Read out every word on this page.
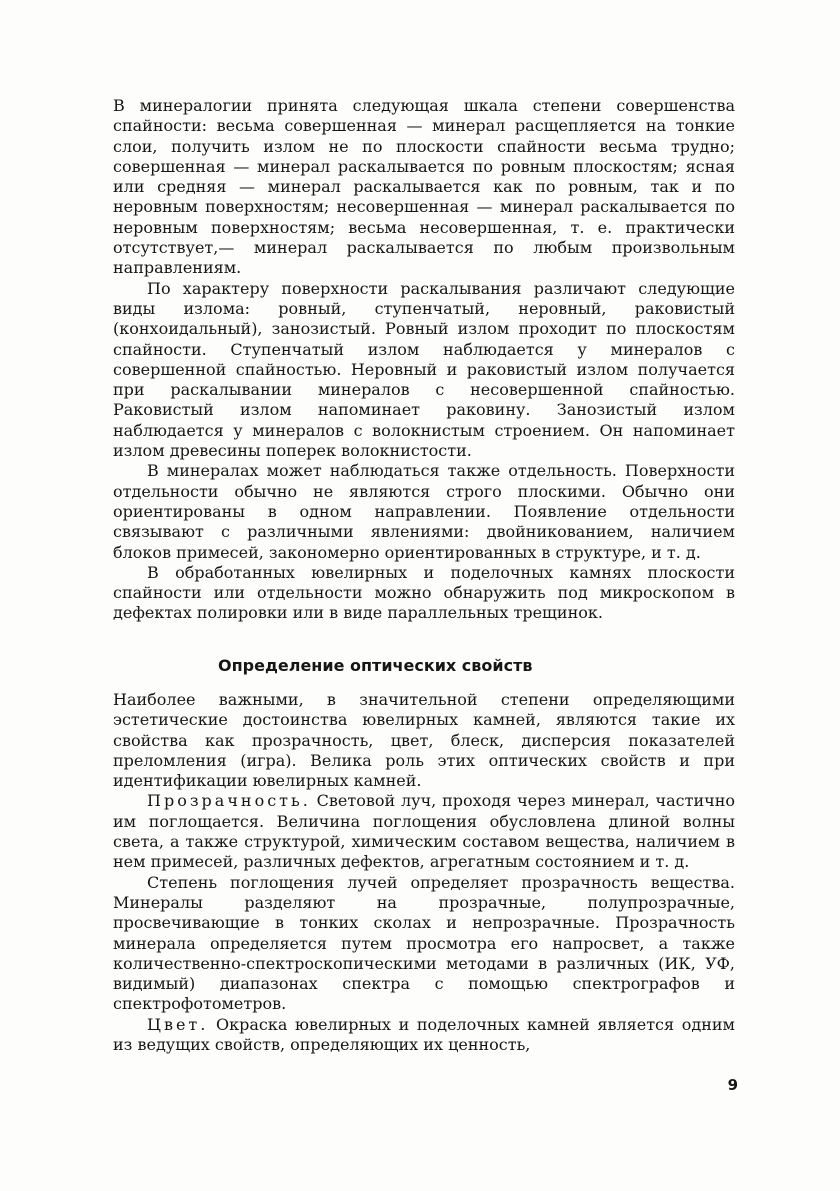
В минералогии принята следующая шкала степени совершенства спайности: весьма совершенная — минерал расщепляется на тонкие слои, получить излом не по плоскости спайности весьма трудно; совершенная — минерал раскалывается по ровным плоскостям; ясная или средняя — минерал раскалывается как по ровным, так и по неровным поверхностям; несовершенная — минерал раскалывается по неровным поверхностям; весьма несовершенная, т. е. практически отсутствует,— минерал раскалывается по любым произвольным направлениям.

По характеру поверхности раскалывания различают следующие виды излома: ровный, ступенчатый, неровный, раковистый (конхоидальный), занозистый. Ровный излом проходит по плоскостям спайности. Ступенчатый излом наблюдается у минералов с совершенной спайностью. Неровный и раковистый излом получается при раскалывании минералов с несовершенной спайностью. Раковистый излом напоминает раковину. Занозистый излом наблюдается у минералов с волокнистым строением. Он напоминает излом древесины поперек волокнистости.

В минералах может наблюдаться также отдельность. Поверхности отдельности обычно не являются строго плоскими. Обычно они ориентированы в одном направлении. Появление отдельности связывают с различными явлениями: двойникованием, наличием блоков примесей, закономерно ориентированных в структуре, и т. д.

В обработанных ювелирных и поделочных камнях плоскости спайности или отдельности можно обнаружить под микроскопом в дефектах полировки или в виде параллельных трещинок.

Определение оптических свойств

Наиболее важными, в значительной степени определяющими эстетические достоинства ювелирных камней, являются такие их свойства как прозрачность, цвет, блеск, дисперсия показателей преломления (игра). Велика роль этих оптических свойств и при идентификации ювелирных камней.

Прозрачность. Световой луч, проходя через минерал, частично им поглощается. Величина поглощения обусловлена длиной волны света, а также структурой, химическим составом вещества, наличием в нем примесей, различных дефектов, агрегатным состоянием и т. д.

Степень поглощения лучей определяет прозрачность вещества. Минералы разделяют на прозрачные, полупрозрачные, просвечивающие в тонких сколах и непрозрачные. Прозрачность минерала определяется путем просмотра его напросвет, а также количественно-спектроскопическими методами в различных (ИК, УФ, видимый) диапазонах спектра с помощью спектрографов и спектрофотометров.

Цвет. Окраска ювелирных и поделочных камней является одним из ведущих свойств, определяющих их ценность,

9
